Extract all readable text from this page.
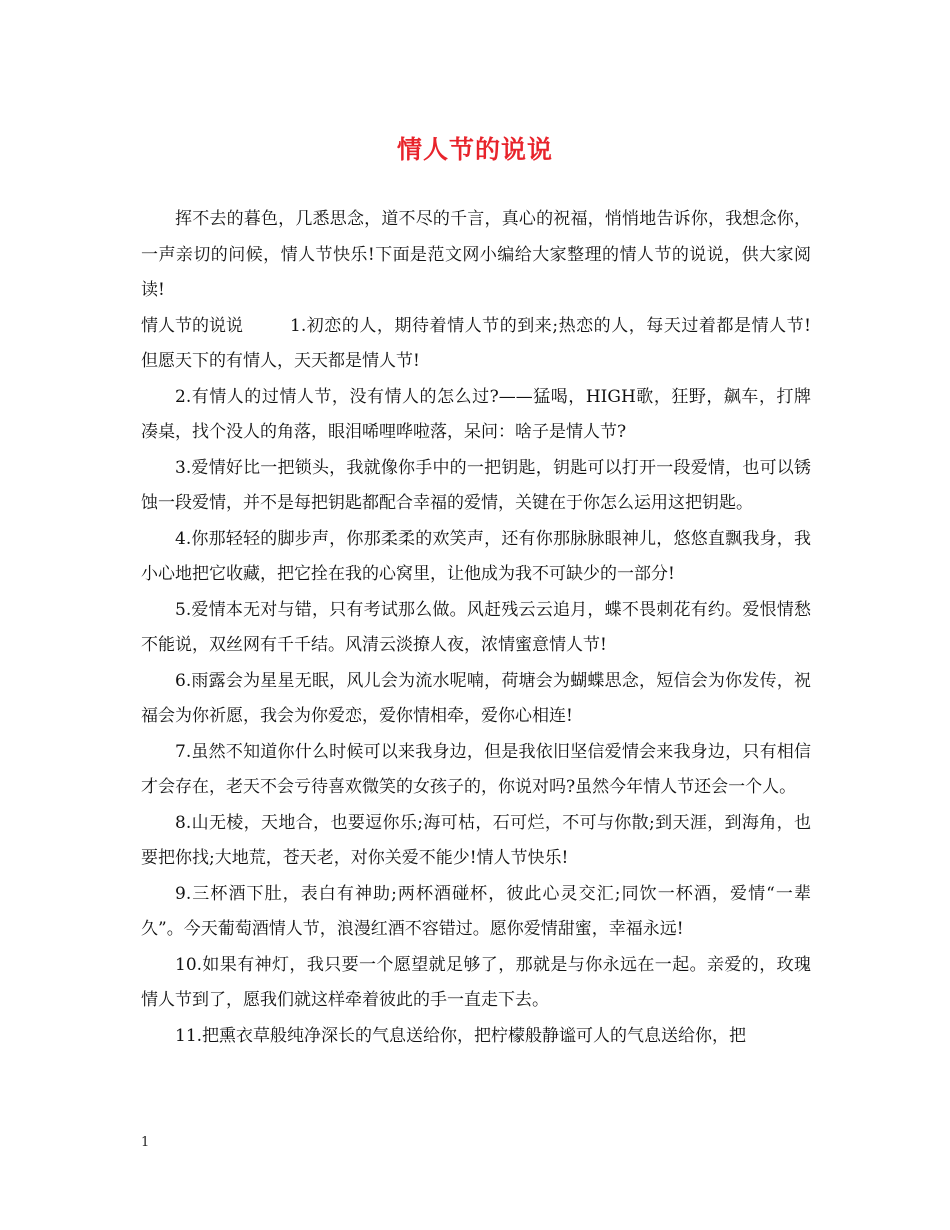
情人节的说说

挥不去的暮色，几悉思念，道不尽的千言，真心的祝福，悄悄地告诉你，我想念你，一声亲切的问候，情人节快乐!下面是范文网小编给大家整理的情人节的说说，供大家阅读!

情人节的说说	1.初恋的人，期待着情人节的到来;热恋的人，每天过着都是情人节!但愿天下的有情人，天天都是情人节!

2.有情人的过情人节，没有情人的怎么过?——猛喝，HIGH歌，狂野，飙车，打牌凑桌，找个没人的角落，眼泪唏哩哗啦落，呆问：啥子是情人节?

3.爱情好比一把锁头，我就像你手中的一把钥匙，钥匙可以打开一段爱情，也可以锈蚀一段爱情，并不是每把钥匙都配合幸福的爱情，关键在于你怎么运用这把钥匙。

4.你那轻轻的脚步声，你那柔柔的欢笑声，还有你那脉脉眼神儿，悠悠直飘我身，我小心地把它收藏，把它拴在我的心窝里，让他成为我不可缺少的一部分!

5.爱情本无对与错，只有考试那么做。风赶残云云追月，蝶不畏刺花有约。爱恨情愁不能说，双丝网有千千结。风清云淡撩人夜，浓情蜜意情人节!

6.雨露会为星星无眠，风儿会为流水呢喃，荷塘会为蝴蝶思念，短信会为你发传，祝福会为你祈愿，我会为你爱恋，爱你情相牵，爱你心相连!

7.虽然不知道你什么时候可以来我身边，但是我依旧坚信爱情会来我身边，只有相信才会存在，老天不会亏待喜欢微笑的女孩子的，你说对吗?虽然今年情人节还会一个人。

8.山无棱，天地合，也要逗你乐;海可枯，石可烂，不可与你散;到天涯，到海角，也要把你找;大地荒，苍天老，对你关爱不能少!情人节快乐!

9.三杯酒下肚，表白有神助;两杯酒碰杯，彼此心灵交汇;同饮一杯酒，爱情“一辈久”。今天葡萄酒情人节，浪漫红酒不容错过。愿你爱情甜蜜，幸福永远!

10.如果有神灯，我只要一个愿望就足够了，那就是与你永远在一起。亲爱的，玫瑰情人节到了，愿我们就这样牵着彼此的手一直走下去。

11.把熏衣草般纯净深长的气息送给你，把柠檬般静谧可人的气息送给你，把

1
